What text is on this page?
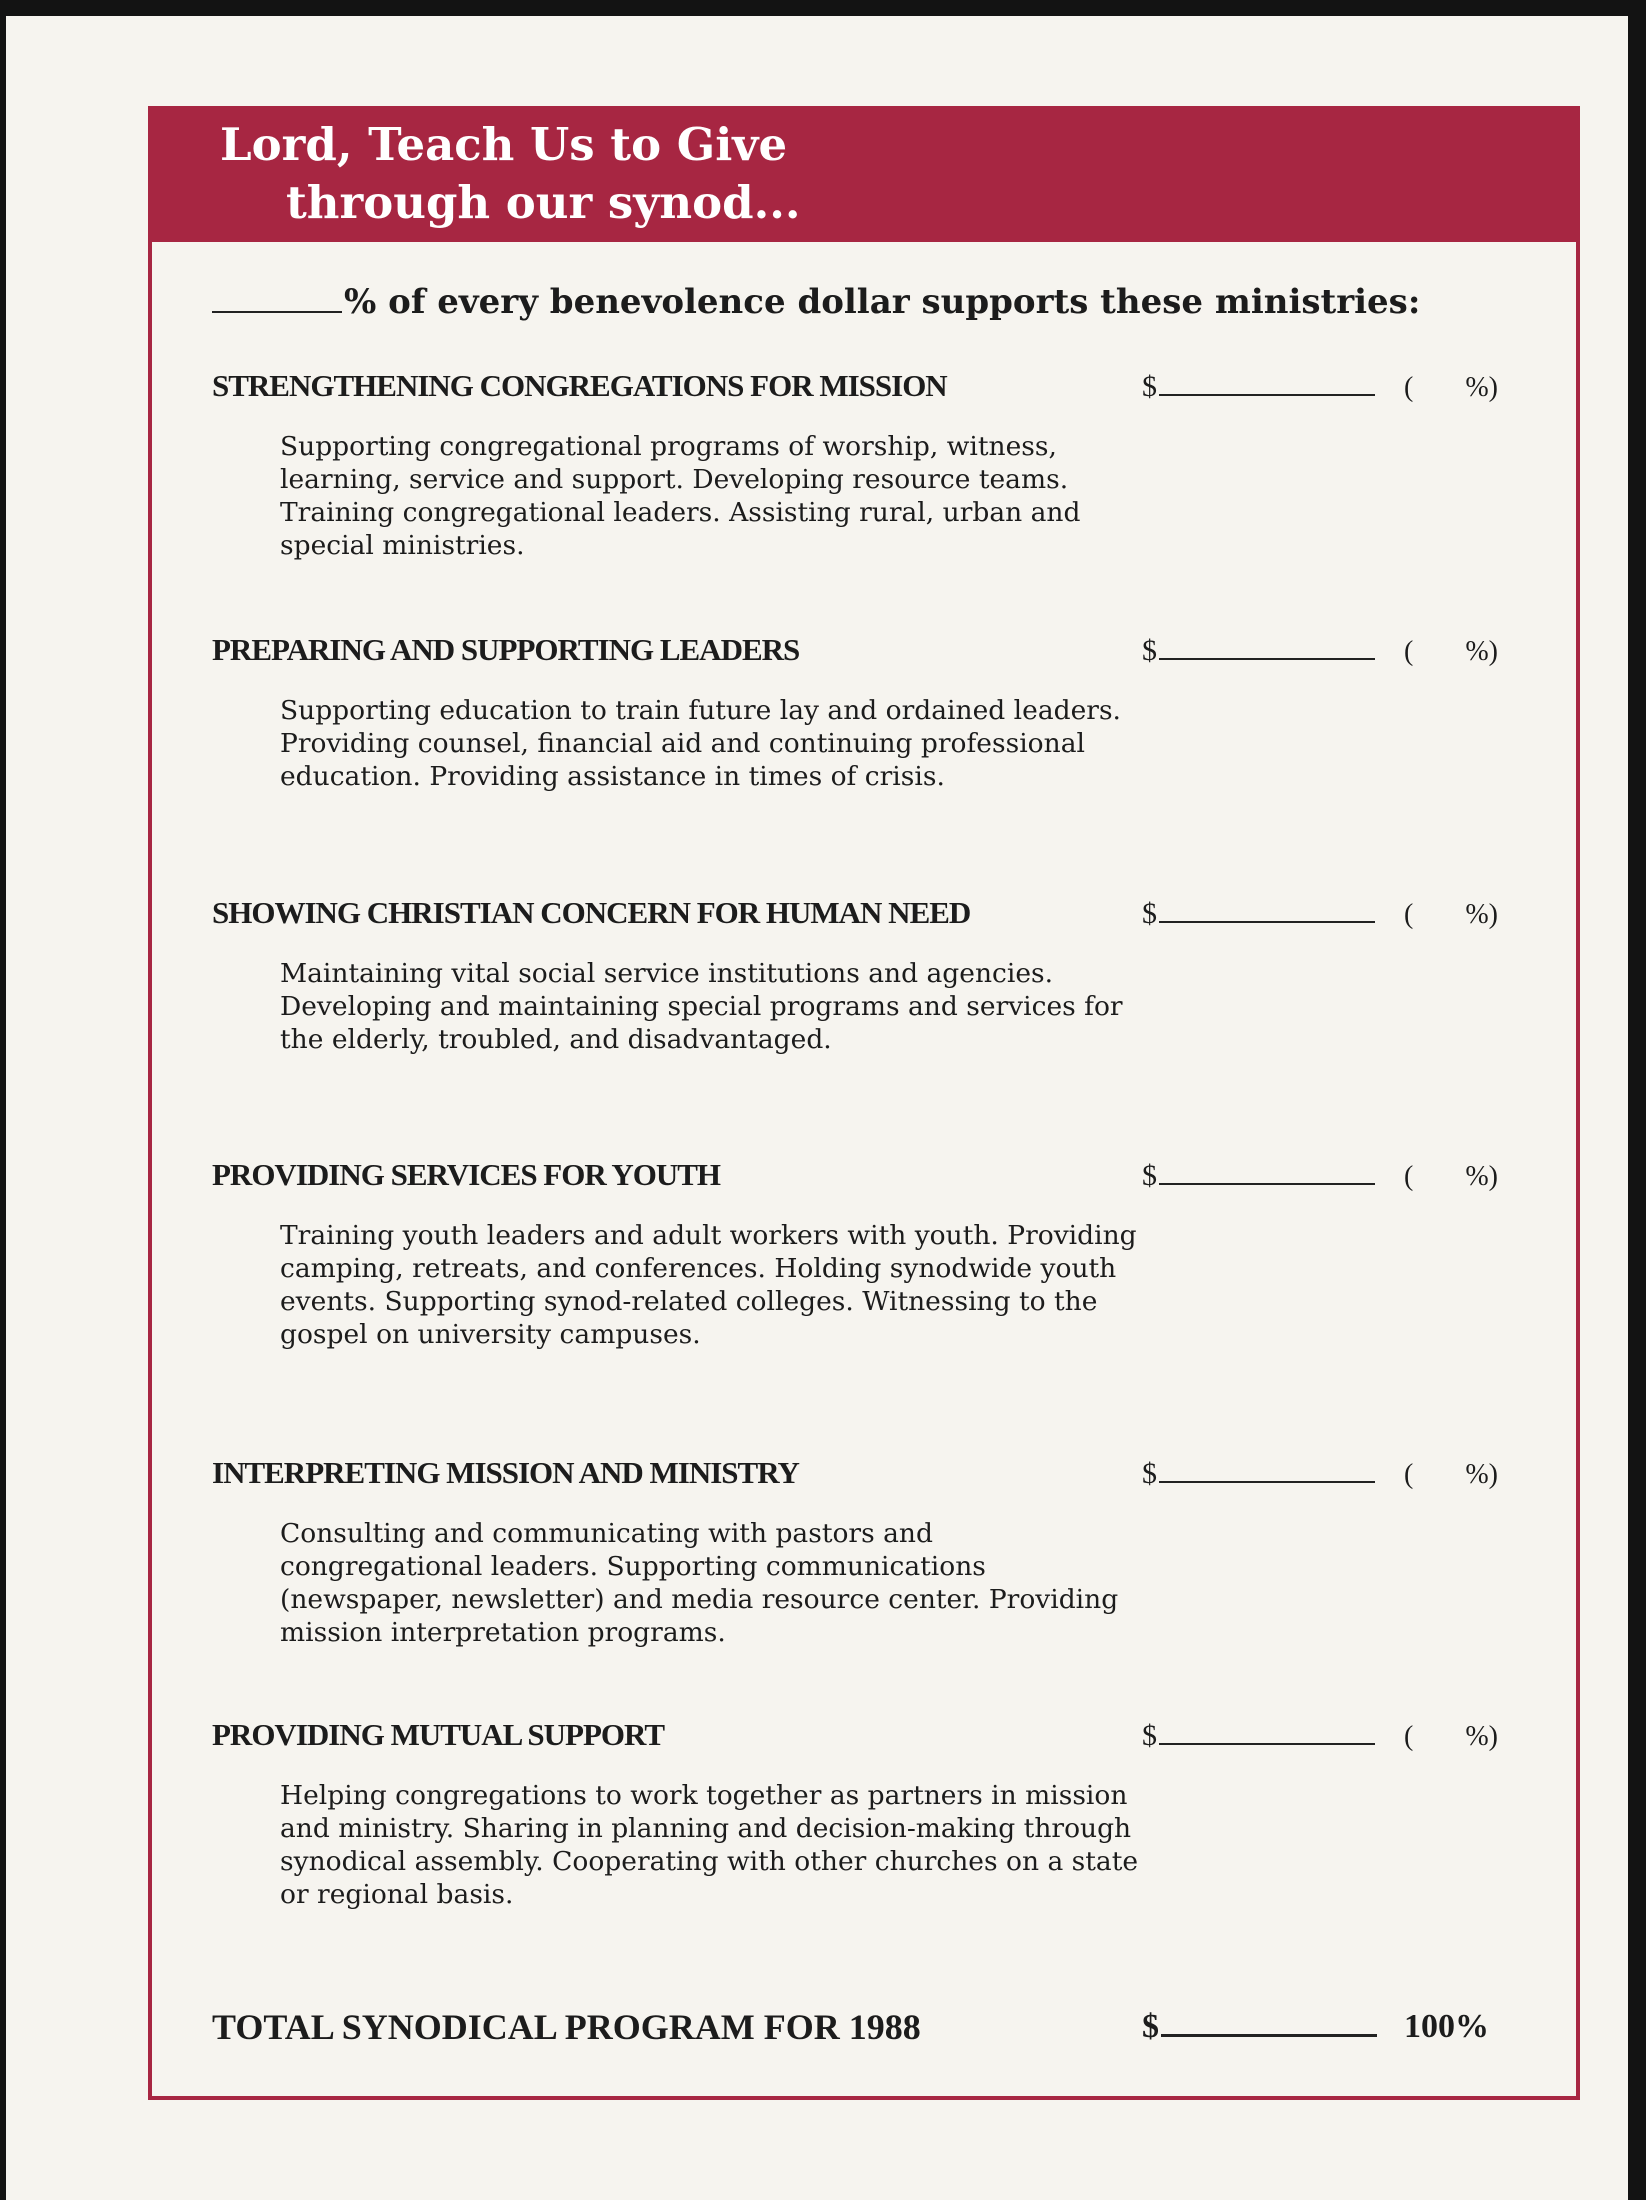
Lord, Teach Us to Give
through our synod...
% of every benevolence dollar supports these ministries:
STRENGTHENING CONGREGATIONS FOR MISSION	$	( %)

Supporting congregational programs of worship, witness, learning, service and support. Developing resource teams. Training congregational leaders. Assisting rural, urban and special ministries.

PREPARING AND SUPPORTING LEADERS	$	( %)

Supporting education to train future lay and ordained leaders. Providing counsel, financial aid and continuing professional education. Providing assistance in times of crisis.

SHOWING CHRISTIAN CONCERN FOR HUMAN NEED	$	( %)

Maintaining vital social service institutions and agencies. Developing and maintaining special programs and services for the elderly, troubled, and disadvantaged.

PROVIDING SERVICES FOR YOUTH	$	( %)

Training youth leaders and adult workers with youth. Providing camping, retreats, and conferences. Holding synodwide youth events. Supporting synod-related colleges. Witnessing to the gospel on university campuses.

INTERPRETING MISSION AND MINISTRY	$	( %)

Consulting and communicating with pastors and congregational leaders. Supporting communications (newspaper, newsletter) and media resource center. Providing mission interpretation programs.

PROVIDING MUTUAL SUPPORT	$	( %)

Helping congregations to work together as partners in mission and ministry. Sharing in planning and decision-making through synodical assembly. Cooperating with other churches on a state or regional basis.

TOTAL SYNODICAL PROGRAM FOR 1988	$	100%
